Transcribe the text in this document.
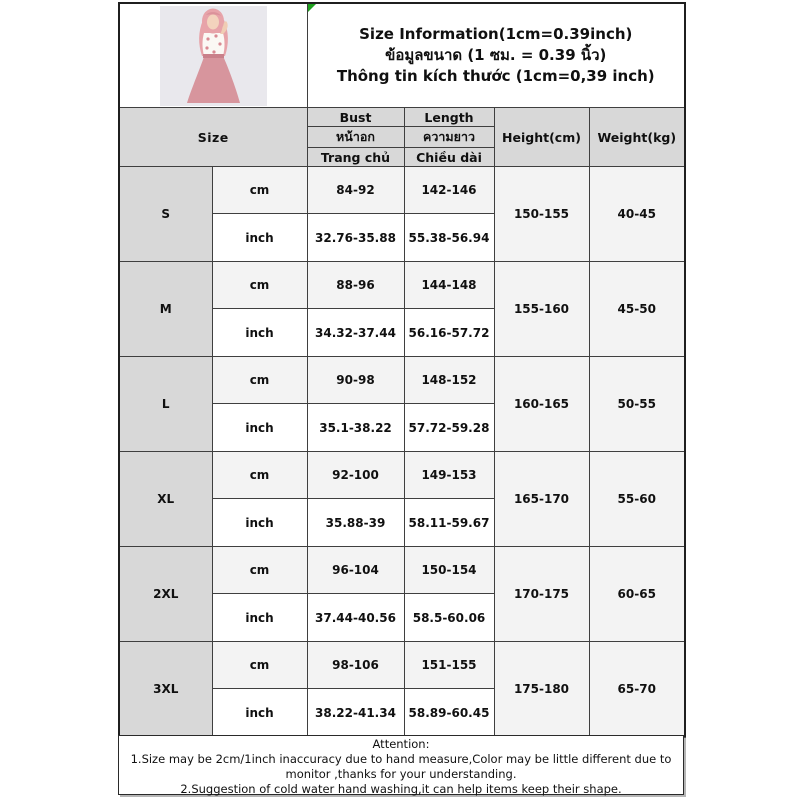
Size Information(1cm=0.39inch)
ข้อมูลขนาด (1 ซม. = 0.39 นิ้ว)
Thông tin kích thước (1cm=0,39 inch)			

Size		Bust	Length	Height(cm)	Weight(kg)
		หน้าอก	ความยาว		
		Trang chủ	Chiều dài		
S	cm	84-92	142-146	150-155	40-45
	inch	32.76-35.88	55.38-56.94		
M	cm	88-96	144-148	155-160	45-50
	inch	34.32-37.44	56.16-57.72		
L	cm	90-98	148-152	160-165	50-55
	inch	35.1-38.22	57.72-59.28		
XL	cm	92-100	149-153	165-170	55-60
	inch	35.88-39	58.11-59.67		
2XL	cm	96-104	150-154	170-175	60-65
	inch	37.44-40.56	58.5-60.06		
3XL	cm	98-106	151-155	175-180	65-70
	inch	38.22-41.34	58.89-60.45		
Attention:
1.Size may be 2cm/1inch inaccuracy due to hand measure,Color may be little different due to monitor ,thanks for your understanding.
2.Suggestion of cold water hand washing,it can help items keep their shape.
